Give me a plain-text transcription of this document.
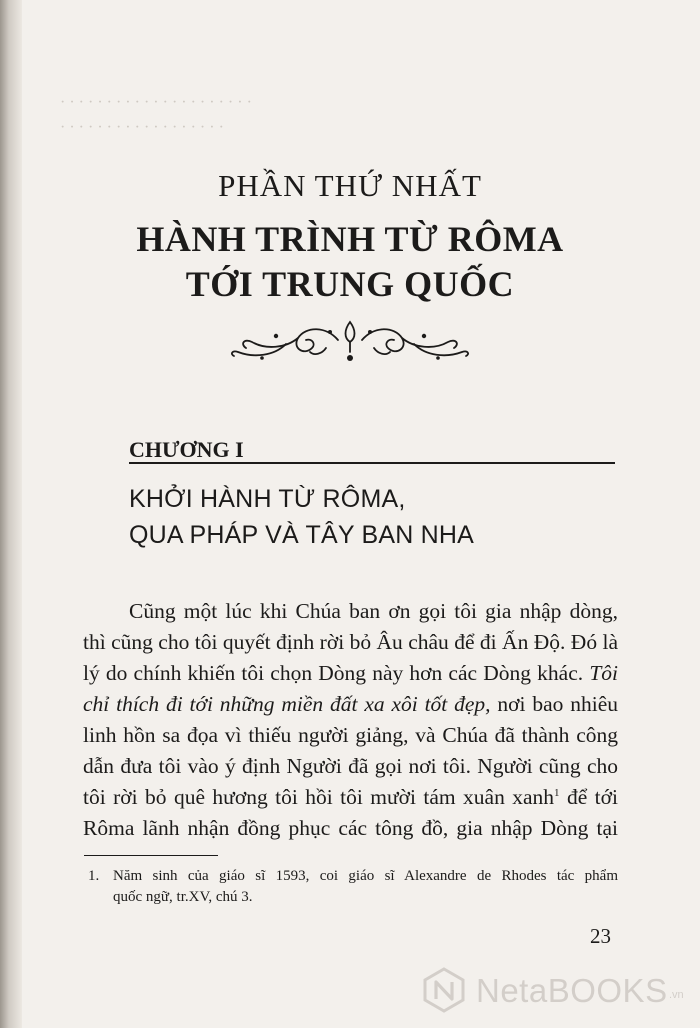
· · · · · · · · · · · · · · · · · · · · ·
· · · · · · · · · · · · · · · · · ·
PHẦN THỨ NHẤT
HÀNH TRÌNH TỪ RÔMA
TỚI TRUNG QUỐC
CHƯƠNG I
KHỞI HÀNH TỪ RÔMA,
QUA PHÁP VÀ TÂY BAN NHA
Cũng một lúc khi Chúa ban ơn gọi tôi gia nhập dòng,
thì cũng cho tôi quyết định rời bỏ Âu châu để đi Ấn Độ. Đó là
lý do chính khiến tôi chọn Dòng này hơn các Dòng khác. Tôi
chỉ thích đi tới những miền đất xa xôi tốt đẹp, nơi bao nhiêu
linh hồn sa đọa vì thiếu người giảng, và Chúa đã thành công
dẫn đưa tôi vào ý định Người đã gọi nơi tôi. Người cũng cho
tôi rời bỏ quê hương tôi hồi tôi mười tám xuân xanh$^1$ để tới
Rôma lãnh nhận đồng phục các tông đồ, gia nhập Dòng tại
1. Năm sinh của giáo sĩ 1593, coi giáo sĩ Alexandre de Rhodes tác phẩm
quốc ngữ, tr.XV, chú 3.
23
NetaBOOKS .vn
